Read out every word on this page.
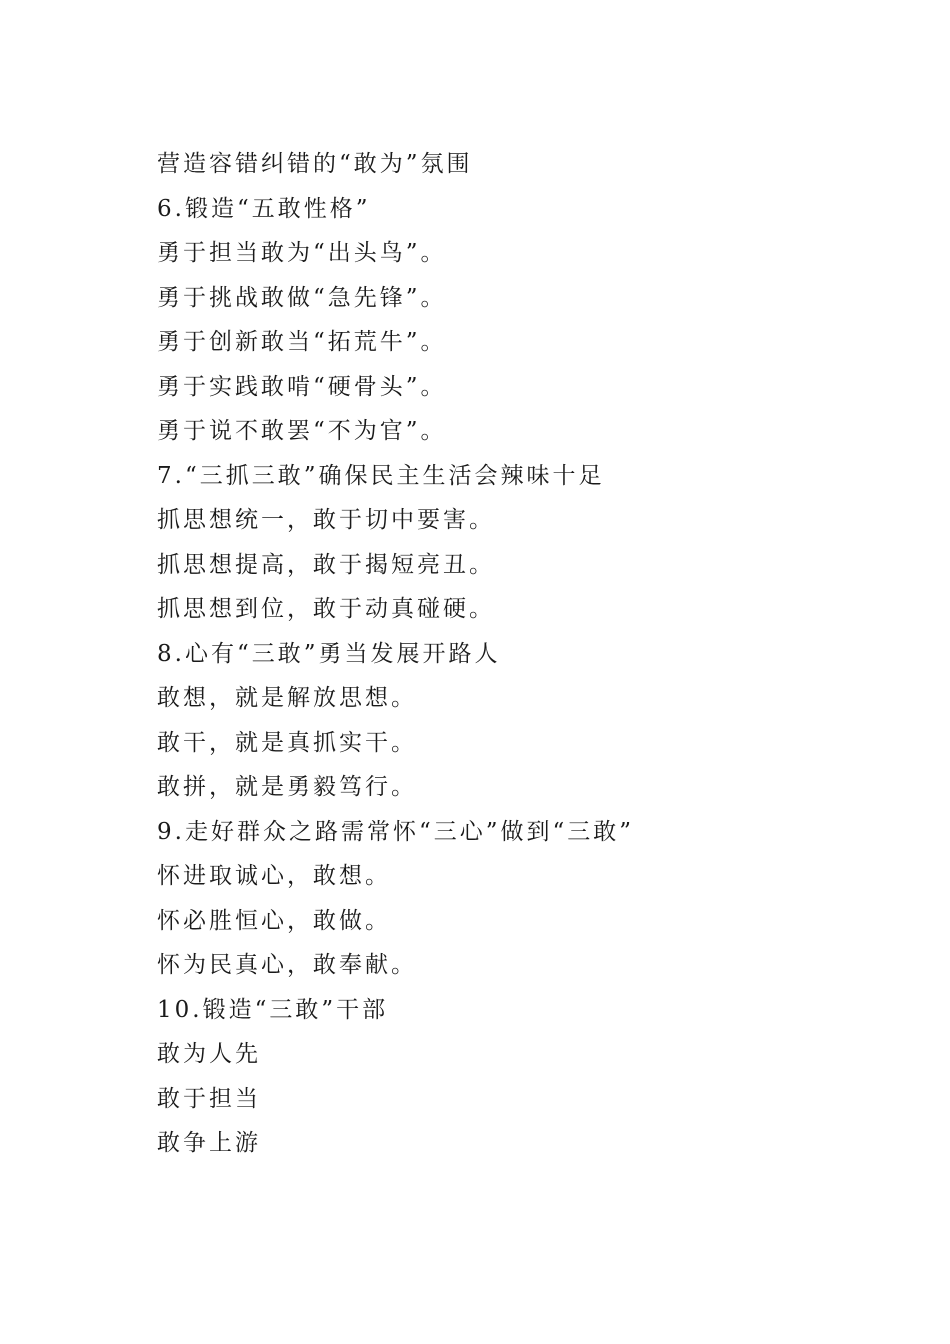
营造容错纠错的“敢为”氛围
6.锻造“五敢性格”
勇于担当敢为“出头鸟”。
勇于挑战敢做“急先锋”。
勇于创新敢当“拓荒牛”。
勇于实践敢啃“硬骨头”。
勇于说不敢罢“不为官”。
7.“三抓三敢”确保民主生活会辣味十足
抓思想统一，敢于切中要害。
抓思想提高，敢于揭短亮丑。
抓思想到位，敢于动真碰硬。
8.心有“三敢”勇当发展开路人
敢想，就是解放思想。
敢干，就是真抓实干。
敢拼，就是勇毅笃行。
9.走好群众之路需常怀“三心”做到“三敢”
怀进取诚心，敢想。
怀必胜恒心，敢做。
怀为民真心，敢奉献。
10.锻造“三敢”干部
敢为人先
敢于担当
敢争上游
